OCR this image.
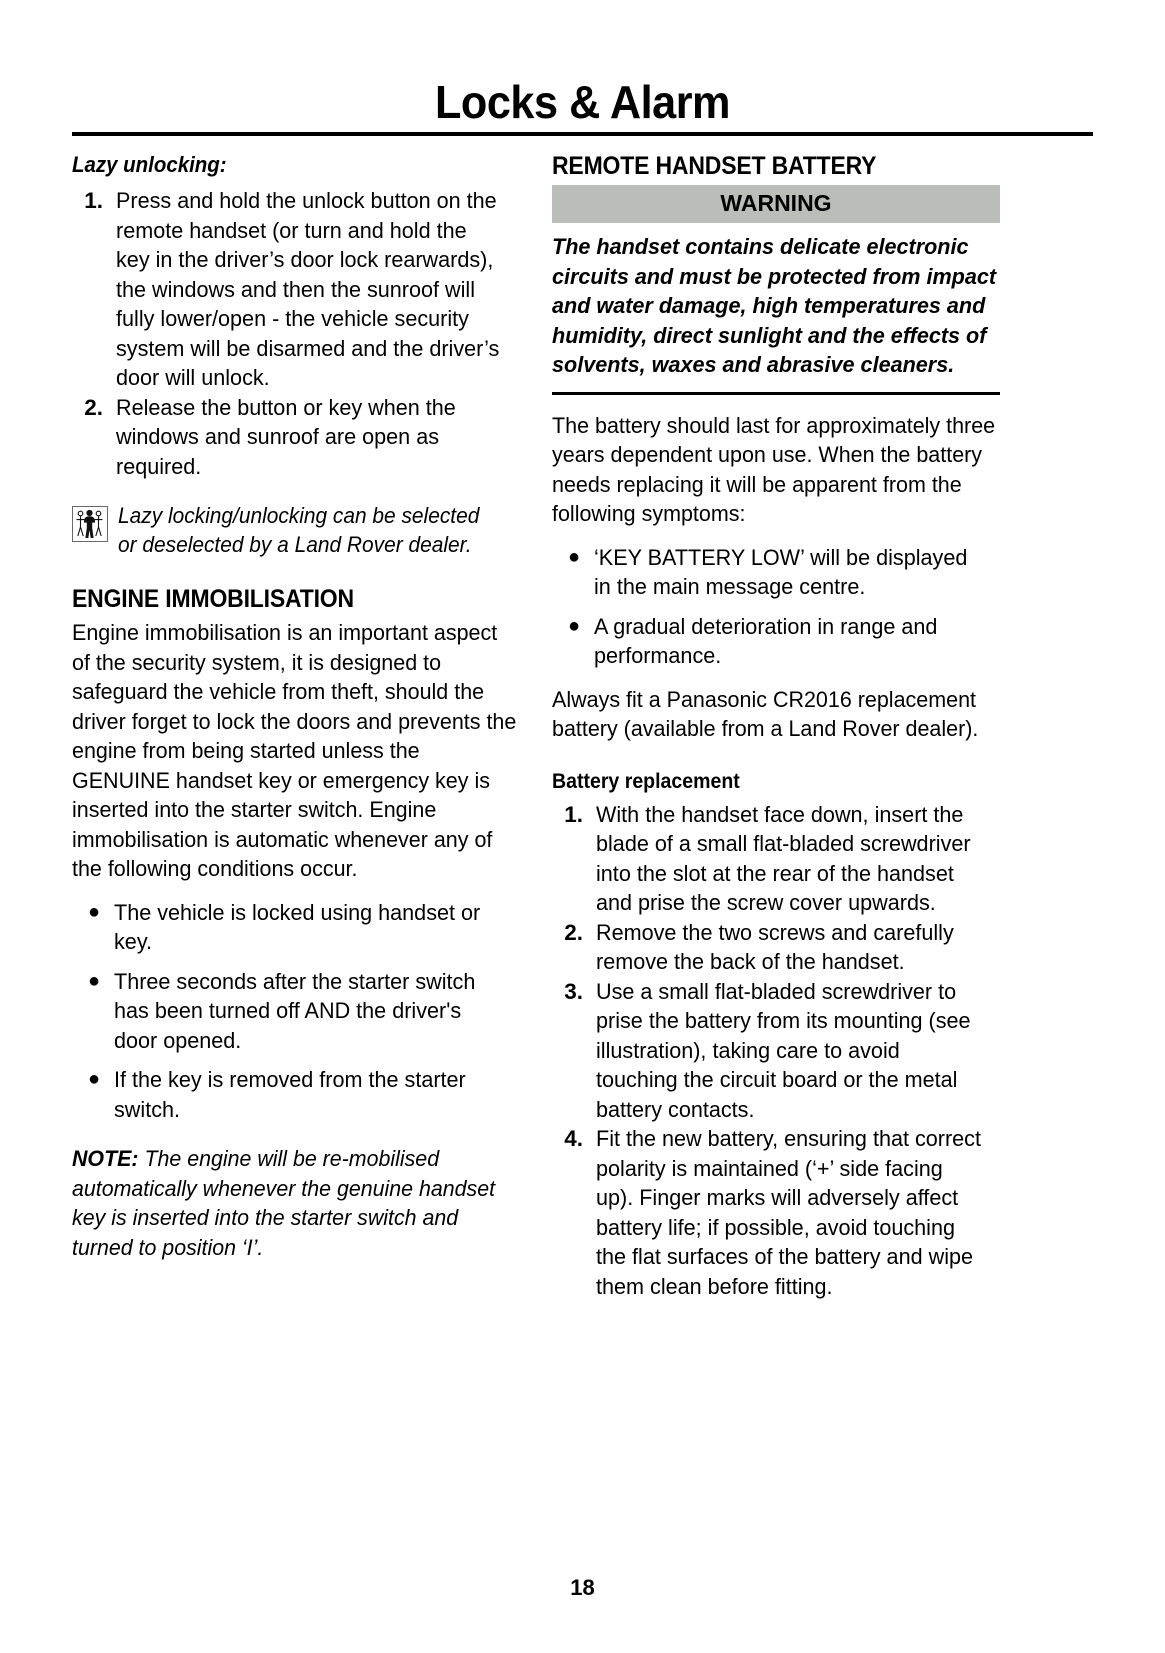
Locks & Alarm
Lazy unlocking:
1. Press and hold the unlock button on the remote handset (or turn and hold the key in the driver’s door lock rearwards), the windows and then the sunroof will fully lower/open - the vehicle security system will be disarmed and the driver’s door will unlock.
2. Release the button or key when the windows and sunroof are open as required.
Lazy locking/unlocking can be selected or deselected by a Land Rover dealer.
ENGINE IMMOBILISATION

Engine immobilisation is an important aspect of the security system, it is designed to safeguard the vehicle from theft, should the driver forget to lock the doors and prevents the engine from being started unless the GENUINE handset key or emergency key is inserted into the starter switch. Engine immobilisation is automatic whenever any of the following conditions occur.

● The vehicle is locked using handset or key.
● Three seconds after the starter switch has been turned off AND the driver's door opened.
● If the key is removed from the starter switch.

NOTE: The engine will be re-mobilised automatically whenever the genuine handset key is inserted into the starter switch and turned to position ‘I’.

REMOTE HANDSET BATTERY
WARNING
The handset contains delicate electronic circuits and must be protected from impact and water damage, high temperatures and humidity, direct sunlight and the effects of solvents, waxes and abrasive cleaners.

The battery should last for approximately three years dependent upon use. When the battery needs replacing it will be apparent from the following symptoms:

● ‘KEY BATTERY LOW’ will be displayed in the main message centre.
● A gradual deterioration in range and performance.

Always fit a Panasonic CR2016 replacement battery (available from a Land Rover dealer).

Battery replacement
1. With the handset face down, insert the blade of a small flat-bladed screwdriver into the slot at the rear of the handset and prise the screw cover upwards.
2. Remove the two screws and carefully remove the back of the handset.
3. Use a small flat-bladed screwdriver to prise the battery from its mounting (see illustration), taking care to avoid touching the circuit board or the metal battery contacts.
4. Fit the new battery, ensuring that correct polarity is maintained (‘+’ side facing up). Finger marks will adversely affect battery life; if possible, avoid touching the flat surfaces of the battery and wipe them clean before fitting.
18
